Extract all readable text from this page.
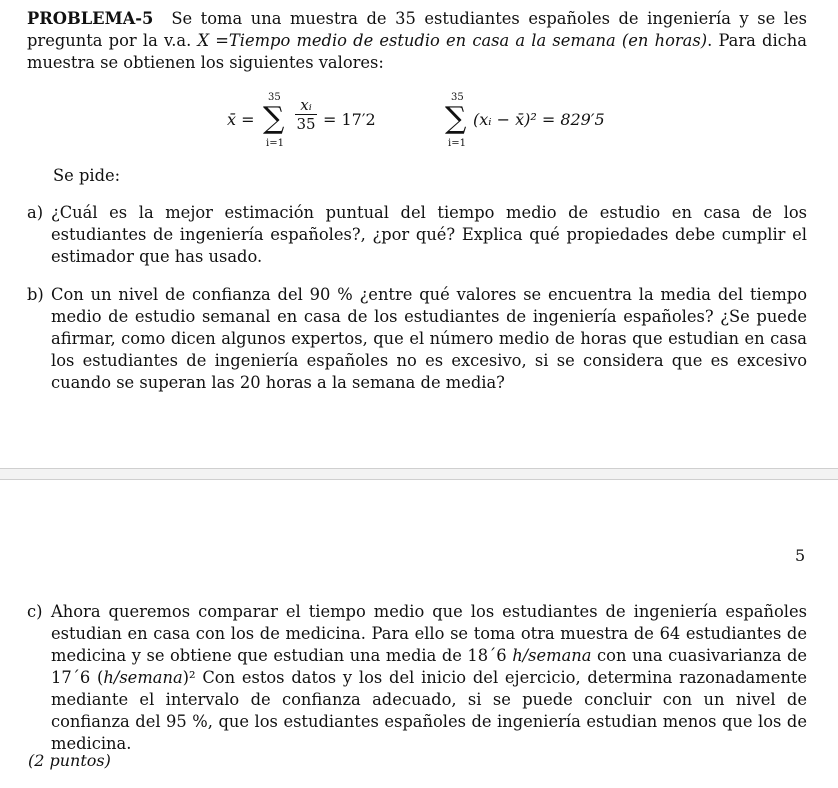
PROBLEMA-5 Se toma una muestra de 35 estudiantes españoles de ingeniería y se les pregunta por la v.a. X =Tiempo medio de estudio en casa a la semana (en horas). Para dicha muestra se obtienen los siguientes valores:

x̄ =
35
∑
i=1
xᵢ
35 = 17′2
35
∑
i=1
(xᵢ − x̄)² = 829′5

Se pide:

a) ¿Cuál es la mejor estimación puntual del tiempo medio de estudio en casa de los estudiantes de ingeniería españoles?, ¿por qué? Explica qué propiedades debe cumplir el estimador que has usado.
b) Con un nivel de confianza del 90 % ¿entre qué valores se encuentra la media del tiempo medio de estudio semanal en casa de los estudiantes de ingeniería españoles? ¿Se puede afirmar, como dicen algunos expertos, que el número medio de horas que estudian en casa los estudiantes de ingeniería españoles no es excesivo, si se considera que es excesivo cuando se superan las 20 horas a la semana de media?
5
c) Ahora queremos comparar el tiempo medio que los estudiantes de ingeniería españoles estudian en casa con los de medicina. Para ello se toma otra muestra de 64 estudiantes de medicina y se obtiene que estudian una media de 18´6 h/semana con una cuasivarianza de 17´6 (h/semana)² Con estos datos y los del inicio del ejercicio, determina razonadamente mediante el intervalo de confianza adecuado, si se puede concluir con un nivel de confianza del 95 %, que los estudiantes españoles de ingeniería estudian menos que los de medicina.

(2 puntos)
